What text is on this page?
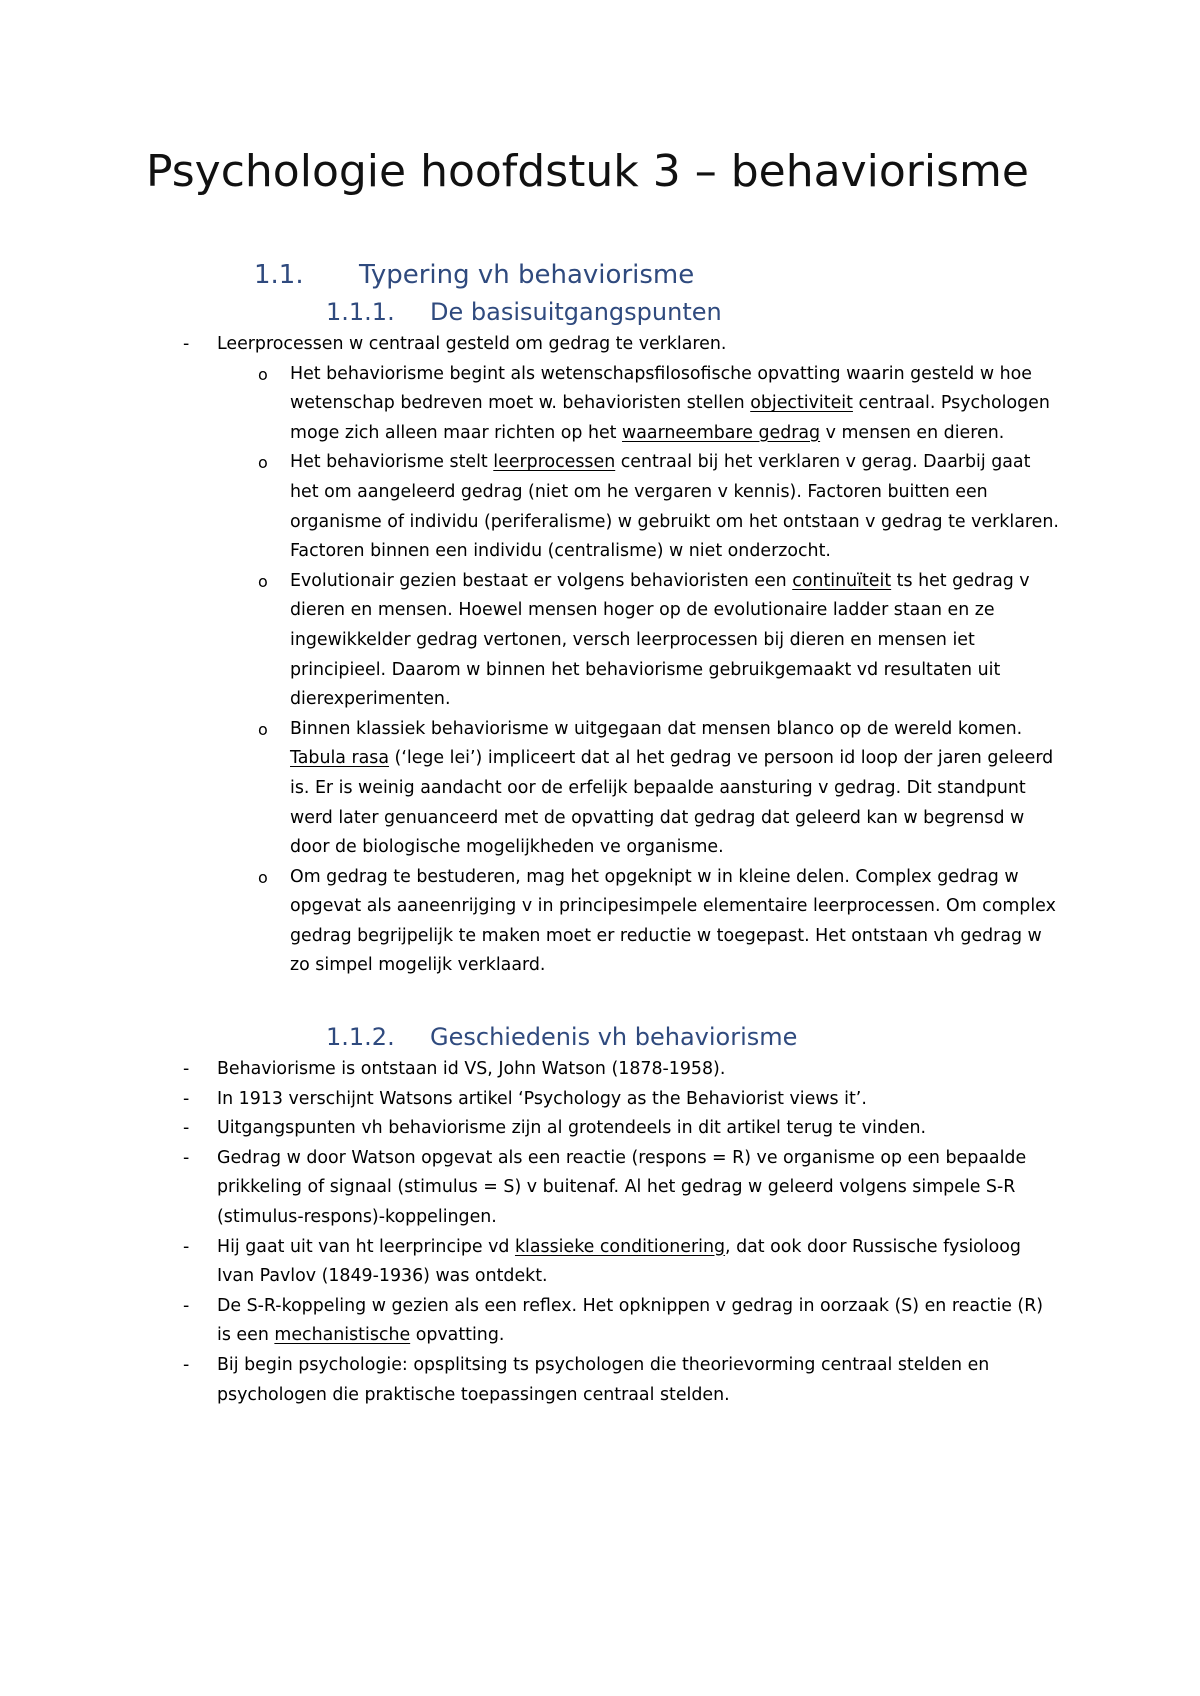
Psychologie hoofdstuk 3 – behaviorisme
1.1. Typering vh behaviorisme
1.1.1. De basisuitgangspunten
- Leerprocessen w centraal gesteld om gedrag te verklaren.
o Het behaviorisme begint als wetenschapsfilosofische opvatting waarin gesteld w hoe wetenschap bedreven moet w. behavioristen stellen objectiviteit centraal. Psychologen moge zich alleen maar richten op het waarneembare gedrag v mensen en dieren.
o Het behaviorisme stelt leerprocessen centraal bij het verklaren v gerag. Daarbij gaat het om aangeleerd gedrag (niet om he vergaren v kennis). Factoren buitten een organisme of individu (periferalisme) w gebruikt om het ontstaan v gedrag te verklaren. Factoren binnen een individu (centralisme) w niet onderzocht.
o Evolutionair gezien bestaat er volgens behavioristen een continuïteit ts het gedrag v dieren en mensen. Hoewel mensen hoger op de evolutionaire ladder staan en ze ingewikkelder gedrag vertonen, versch leerprocessen bij dieren en mensen iet principieel. Daarom w binnen het behaviorisme gebruikgemaakt vd resultaten uit dierexperimenten.
o Binnen klassiek behaviorisme w uitgegaan dat mensen blanco op de wereld komen. Tabula rasa (‘lege lei’) impliceert dat al het gedrag ve persoon id loop der jaren geleerd is. Er is weinig aandacht oor de erfelijk bepaalde aansturing v gedrag. Dit standpunt werd later genuanceerd met de opvatting dat gedrag dat geleerd kan w begrensd w door de biologische mogelijkheden ve organisme.
o Om gedrag te bestuderen, mag het opgeknipt w in kleine delen. Complex gedrag w opgevat als aaneenrijging v in principesimpele elementaire leerprocessen. Om complex gedrag begrijpelijk te maken moet er reductie w toegepast. Het ontstaan vh gedrag w zo simpel mogelijk verklaard.
1.1.2. Geschiedenis vh behaviorisme
- Behaviorisme is ontstaan id VS, John Watson (1878-1958).
- In 1913 verschijnt Watsons artikel ‘Psychology as the Behaviorist views it’.
- Uitgangspunten vh behaviorisme zijn al grotendeels in dit artikel terug te vinden.
- Gedrag w door Watson opgevat als een reactie (respons = R) ve organisme op een bepaalde prikkeling of signaal (stimulus = S) v buitenaf. Al het gedrag w geleerd volgens simpele S-R (stimulus-respons)-koppelingen.
- Hij gaat uit van ht leerprincipe vd klassieke conditionering, dat ook door Russische fysioloog Ivan Pavlov (1849-1936) was ontdekt.
- De S-R-koppeling w gezien als een reflex. Het opknippen v gedrag in oorzaak (S) en reactie (R) is een mechanistische opvatting.
- Bij begin psychologie: opsplitsing ts psychologen die theorievorming centraal stelden en psychologen die praktische toepassingen centraal stelden.
